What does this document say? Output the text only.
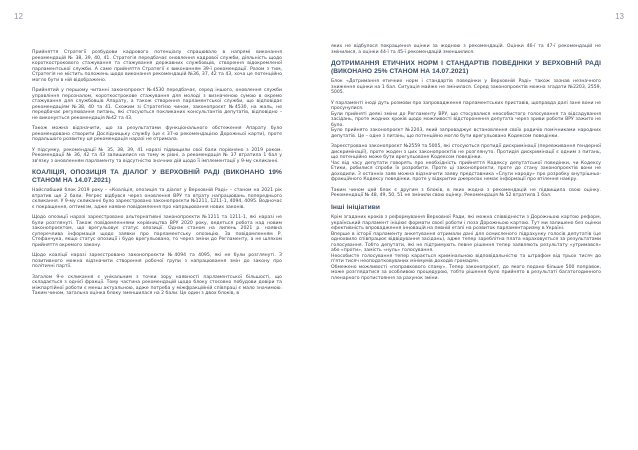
12	13

Прийняття Стратегії розбудови кадрового потенціалу спрацювало в напрямі виконання рекомендацій № 38, 39, 40, 41. Стратегія передбачає оновлення кадрової служби, діяльність щодо короткострокового стажування та стажування державних службовців, створення відокремленої парламентської служби. А саме прийняття Стратегії є виконанням 39-ї рекомендації. Разом з тим, Стратегія не містить положень щодо виконання рекомендацій №36, 37, 42 та 43, хоча це потенційно могло бути в ній відображено.

Прийнятий у першому читанні законопроєкт №4530 передбачає, серед іншого, оновлення служби управління персоналом, короткострокове стажування для молоді з визначеною сумою в окремо стажування для службовців Апарату, а також створення парламентської служби, що відповідає рекомендаціям №38, 40 та 41. Схожим зі Стратегією чином, законопроєкт №4530, на жаль, не передбачає регулювання питань, які стосуються покликаних консультантів депутатів, відповідно – не виконується рекомендація №42 та 43.

Також можна відзначити, що за результатами функціонального обстеження Апарату було рекомендовано створити Дослідницьку службу (це є 37-ю рекомендацією Дорожньої карти), проте подальшого розвитку ця рекомендація наразі не отримала.

У підсумку, рекомендації № 35, 38, 39, 41 наразі підвищили свої бали порівняно з 2019 роком. Рекомендації № 36, 42 та 43 залишилися на тому ж рівні, а рекомендація № 37 втратила 1 бал у зв'язку з оновленням парламенту та відсутністю значних дій щодо її імплементації у 9-му скликанні.

КОАЛІЦІЯ, ОПОЗИЦІЯ ТА ДІАЛОГ У ВЕРХОВНІЙ РАДІ (ВИКОНАНО 19% СТАНОМ НА 14.07.2021)

Найслабший блок 2019 року – «Коаліція, опозиція та діалог у Верховній Раді» – станом на 2021 рік втратив ще 2 бали. Регрес відбувся через оновлення ВРУ та втрату напрацювань попереднього скликання. У 9-му скликанні було зареєстровано законопроєкти №1211, 1211-1, 4094, 4095. Водночас є покращення, оптимізм, адже наявне повідомлення про напрацювання нових законів.

Щодо опозиції наразі зареєстровано альтернативні законопроєкти №1211 та 1211-1, які наразі не були розглянуті. Також повідомленнями керівництва ВРУ 2020 року, ведеться робота над новим законопроєктом, що врегульовує статус опозиції. Однак станом на липень 2021 р. наявна суперечлива інформація щодо заявки про парламентську опозицію. За повідомленням Р. Стефанчука, якщо статус опозиції і буде врегульовано, то через зміни до Регламенту, а не шляхом прийняття окремого закону.

Щодо коаліції наразі зареєстровано законопроєкти №4094 та 4095, які не були розглянуті. З позитивного можна відзначити створення робочої групи з напрацювання змін до закону про політичні партії.

Загалом 9-е скликання є унікальним з точки зору наявності парламентської більшості, що складається з однієї фракції. Тому частина рекомендацій щодо блоку стосовно побудови довіри та міжпартійної роботи є менш актуальною, адже потреба у міжфракційній співпраці є мало значимою. Таким чином, загальна оцінка блоку зменшилася на 2 бали. Це один з двох блоків, в

яких не відбулося покращення оцінки за жодною з рекомендацій. Оцінки 46-ї та 47-ї рекомендацій не змінилися, а оцінки 44-ї та 45-ї рекомендацій зменшилися.

ДОТРИМАННЯ ЕТИЧНИХ НОРМ І СТАНДАРТІВ ПОВЕДІНКИ У ВЕРХОВНІЙ РАДІ (ВИКОНАНО 25% СТАНОМ НА 14.07.2021)

Блок «Дотримання етичних норм і стандартів поведінки у Верховній Раді» також зазнав незначного зниження оцінки на 1 бал. Ситуація майже не змінилася. Серед законопроєктів можна згадати №2203, 2559, 5005.

У парламенті іноді дуть розмови про запровадження парламентських приставів, щоправда далі зане вони не просунулися.
Були прийняті деякі зміни до Регламенту ВРУ, що стосувалися неособистого голосування та відсадування засідань, проте жодних кроків щодо можливості відсторонення депутата через зриви роботи ВРУ зажито не було.
Було прийнято законопроєкт №2203, який запроваджує встановлення своїх родичів помічниками народних депутатів. Це – одне з питань, що потенційно могло бути врегульовано Кодексом поведінки.

Зареєстровано законопроєкт №2559 та 5005, які стосуються протидії дискримінації (перевживання ґендерної дискримінації), проте жоден з цих законопроєктів не розглянуто. Протидія дискримінації є одним з питань, що потенційно може бути врегульоване Кодексом поведінки.
Час від часу депутати говорять про необхідність прийняття Кодексу депутатської поведінки, чи Кодексу Етики, робилися спроби їх розробити. Проте ці законопроєкти, проте до стану законопроєктів вони не доходили. З останніх заяв можна відзначити заяву представника «Слуги народу» про розробку внутрішньо-фракційного Кодексу поведінки, проте у відкритих джерелах немає інформації про втілення наміру.

Таким чином цей блок є другим з блоків, в яких жодна з рекомендацій не підвищила свою оцінку. Рекомендації № 48, 49, 50, 51 не змінили свою оцінку. Рекомендація № 52 втратила 1 бал.

Інші ініціативи

Крім згаданих кроків з реформування Верховної Ради, які можна співвіднести з Дорожньою картою реформ, український парламент ініціює формати своєї роботи і поза Дорожньою картою. Тут ми залишено без оцінки ефективність впровадження інновацій на певній етапі на розвиток парламентаризму в Україні.
Вперше в історії парламенту анкетування отримали дані для осмисленого підрахунку голосів депутатів (це однохвило співпрацює відвідування засідань), адже тепер зареблітна плата нараховується за результатами голосування. Тобто депутати, які не підтримують певне рішення тепер заявляють результату «утримався» або «проти», замість «нуль» голосування.
Неособисте голосування тепер карається кримінальною відповідальністю та штрафом від трьох тисяч до п'яти тисяч неоподатковуваних мінімумів доходів громадян.
Обмежено можливості «поправкового спаму». Тепер законопроєкт, до якого подано більше 500 поправок, може розглядатися за особливою процедурою, тобто рішення було прийнято в результаті багатогодинного пленарного протистояння за рахунок зміни.
